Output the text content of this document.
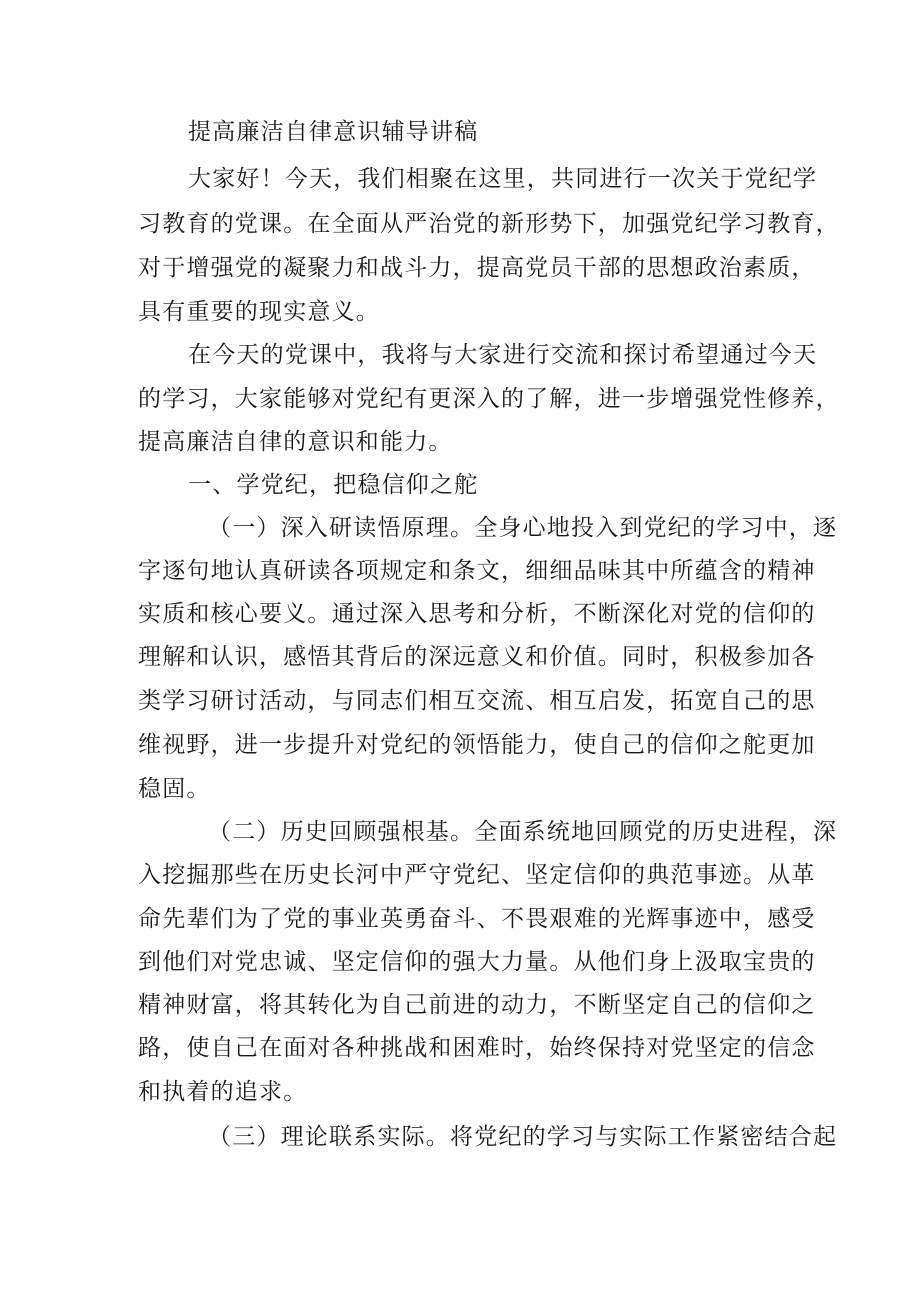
提高廉洁自律意识辅导讲稿
大家好！今天，我们相聚在这里，共同进行一次关于党纪学
习教育的党课。在全面从严治党的新形势下，加强党纪学习教育，
对于增强党的凝聚力和战斗力，提高党员干部的思想政治素质，
具有重要的现实意义。
在今天的党课中，我将与大家进行交流和探讨希望通过今天
的学习，大家能够对党纪有更深入的了解，进一步增强党性修养，
提高廉洁自律的意识和能力。
一、学党纪，把稳信仰之舵
（一）深入研读悟原理。全身心地投入到党纪的学习中，逐
字逐句地认真研读各项规定和条文，细细品味其中所蕴含的精神
实质和核心要义。通过深入思考和分析，不断深化对党的信仰的
理解和认识，感悟其背后的深远意义和价值。同时，积极参加各
类学习研讨活动，与同志们相互交流、相互启发，拓宽自己的思
维视野，进一步提升对党纪的领悟能力，使自己的信仰之舵更加
稳固。
（二）历史回顾强根基。全面系统地回顾党的历史进程，深
入挖掘那些在历史长河中严守党纪、坚定信仰的典范事迹。从革
命先辈们为了党的事业英勇奋斗、不畏艰难的光辉事迹中，感受
到他们对党忠诚、坚定信仰的强大力量。从他们身上汲取宝贵的
精神财富，将其转化为自己前进的动力，不断坚定自己的信仰之
路，使自己在面对各种挑战和困难时，始终保持对党坚定的信念
和执着的追求。
（三）理论联系实际。将党纪的学习与实际工作紧密结合起
